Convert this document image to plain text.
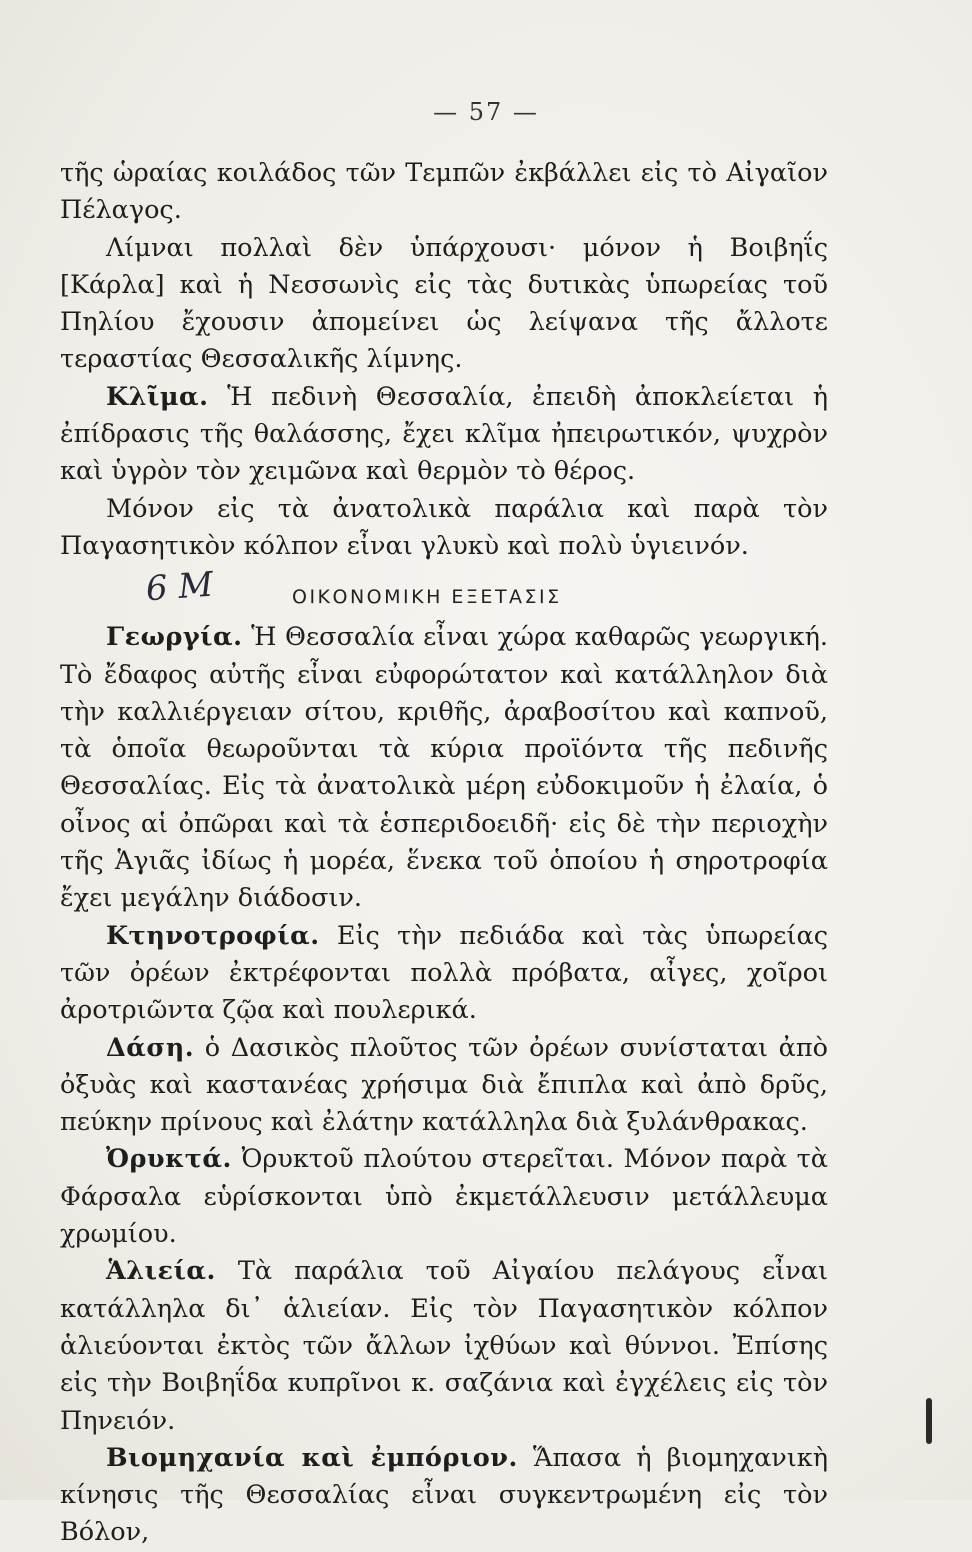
— 57 —

τῆς ὡραίας κοιλάδος τῶν Τεμπῶν ἐκβάλλει εἰς τὸ Αἰγαῖον Πέλαγος.

Λίμναι πολλαὶ δὲν ὑπάρχουσι· μόνον ἡ Βοιβηΐς [Κάρλα] καὶ ἡ Νεσσωνὶς εἰς τὰς δυτικὰς ὑπωρείας τοῦ Πηλίου ἔχουσιν ἀπομείνει ὡς λείψανα τῆς ἄλλοτε τεραστίας Θεσσαλικῆς λίμνης.

Κλῖμα. Ἡ πεδινὴ Θεσσαλία, ἐπειδὴ ἀποκλείεται ἡ ἐπίδρασις τῆς θαλάσσης, ἔχει κλῖμα ἠπειρωτικόν, ψυχρὸν καὶ ὑγρὸν τὸν χειμῶνα καὶ θερμὸν τὸ θέρος.

Μόνον εἰς τὰ ἀνατολικὰ παράλια καὶ παρὰ τὸν Παγασητικὸν κόλπον εἶναι γλυκὺ καὶ πολὺ ὑγιεινόν.

6 M	ΟΙΚΟΝΟΜΙΚΗ ΕΞΕΤΑΣΙΣ

Γεωργία. Ἡ Θεσσαλία εἶναι χώρα καθαρῶς γεωργική. Τὸ ἔδαφος αὐτῆς εἶναι εὐφορώτατον καὶ κατάλληλον διὰ τὴν καλλιέργειαν σίτου, κριθῆς, ἀραβοσίτου καὶ καπνοῦ, τὰ ὁποῖα θεωροῦνται τὰ κύρια προϊόντα τῆς πεδινῆς Θεσσαλίας. Εἰς τὰ ἀνατολικὰ μέρη εὐδοκιμοῦν ἡ ἐλαία, ὁ οἶνος αἱ ὀπῶραι καὶ τὰ ἑσπεριδοειδῆ· εἰς δὲ τὴν περιοχὴν τῆς Ἁγιᾶς ἰδίως ἡ μορέα, ἕνεκα τοῦ ὁποίου ἡ σηροτροφία ἔχει μεγάλην διάδοσιν.

Κτηνοτροφία. Εἰς τὴν πεδιάδα καὶ τὰς ὑπωρείας τῶν ὀρέων ἐκτρέφονται πολλὰ πρόβατα, αἶγες, χοῖροι ἀροτριῶντα ζῷα καὶ πουλερικά.

Δάση. ὁ Δασικὸς πλοῦτος τῶν ὀρέων συνίσταται ἀπὸ ὀξυὰς καὶ καστανέας χρήσιμα διὰ ἔπιπλα καὶ ἀπὸ δρῦς, πεύκην πρίνους καὶ ἐλάτην κατάλληλα διὰ ξυλάνθρακας.

Ὀρυκτά. Ὀρυκτοῦ πλούτου στερεῖται. Μόνον παρὰ τὰ Φάρσαλα εὑρίσκονται ὑπὸ ἐκμετάλλευσιν μετάλλευμα χρωμίου.

Ἁλιεία. Τὰ παράλια τοῦ Αἰγαίου πελάγους εἶναι κατάλληλα δι᾽ ἁλιείαν. Εἰς τὸν Παγασητικὸν κόλπον ἁλιεύονται ἐκτὸς τῶν ἄλλων ἰχθύων καὶ θύννοι. Ἐπίσης εἰς τὴν Βοιβηΐδα κυπρῖνοι κ. σαζάνια καὶ ἐγχέλεις εἰς τὸν Πηνειόν.

Βιομηχανία καὶ ἐμπόριον. Ἅπασα ἡ βιομηχανικὴ κίνησις τῆς Θεσσαλίας εἶναι συγκεντρωμένη εἰς τὸν Βόλον,
